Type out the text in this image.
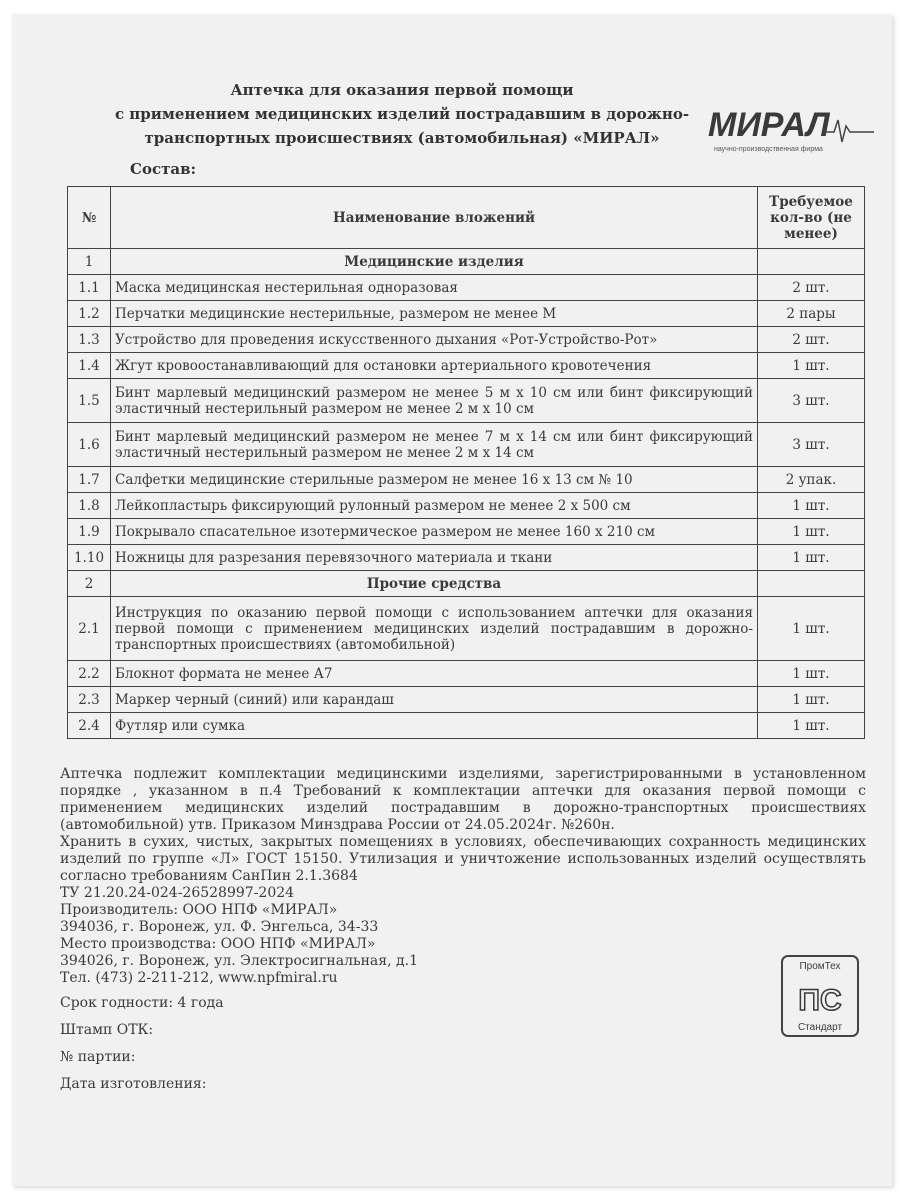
Аптечка для оказания первой помощи
с применением медицинских изделий пострадавшим в дорожно-
транспортных происшествиях (автомобильная) «МИРАЛ»	МИРАЛ
научно-производственная фирма
Состав:
№	Наименование вложений	Требуемое кол-во (не менее)
1	Медицинские изделия	
1.1	Маска медицинская нестерильная одноразовая	2 шт.
1.2	Перчатки медицинские нестерильные, размером не менее M	2 пары
1.3	Устройство для проведения искусственного дыхания «Рот-Устройство-Рот»	2 шт.
1.4	Жгут кровоостанавливающий для остановки артериального кровотечения	1 шт.
1.5	Бинт марлевый медицинский размером не менее 5 м х 10 см или бинт фиксирующий эластичный нестерильный размером не менее 2 м х 10 см	3 шт.
1.6	Бинт марлевый медицинский размером не менее 7 м х 14 см или бинт фиксирующий эластичный нестерильный размером не менее 2 м х 14 см	3 шт.
1.7	Салфетки медицинские стерильные размером не менее 16 х 13 см № 10	2 упак.
1.8	Лейкопластырь фиксирующий рулонный размером не менее 2 х 500 см	1 шт.
1.9	Покрывало спасательное изотермическое размером не менее 160 х 210 см	1 шт.
1.10	Ножницы для разрезания перевязочного материала и ткани	1 шт.
2	Прочие средства	
2.1	Инструкция по оказанию первой помощи с использованием аптечки для оказания первой помощи с применением медицинских изделий пострадавшим в дорожно-транспортных происшествиях (автомобильной)	1 шт.
2.2	Блокнот формата не менее А7	1 шт.
2.3	Маркер черный (синий) или карандаш	1 шт.
2.4	Футляр или сумка	1 шт.

Аптечка подлежит комплектации медицинскими изделиями, зарегистрированными в установленном порядке , указанном в п.4 Требований к комплектации аптечки для оказания первой помощи с применением медицинских изделий пострадавшим в дорожно-транспортных происшествиях (автомобильной) утв. Приказом Минздрава России от 24.05.2024г. №260н.

Хранить в сухих, чистых, закрытых помещениях в условиях, обеспечивающих сохранность медицинских изделий по группе «Л» ГОСТ 15150. Утилизация и уничтожение использованных изделий осуществлять согласно требованиям СанПин 2.1.3684

ТУ 21.20.24-024-26528997-2024

Производитель: ООО НПФ «МИРАЛ»

394036, г. Воронеж, ул. Ф. Энгельса, 34-33

Место производства: ООО НПФ «МИРАЛ»

394026, г. Воронеж, ул. Электросигнальная, д.1

Тел. (473) 2-211-212, www.npfmiral.ru

Срок годности: 4 года

Штамп ОТК:

№ партии:

Дата изготовления:

ПромТех
ПС
Стандарт
